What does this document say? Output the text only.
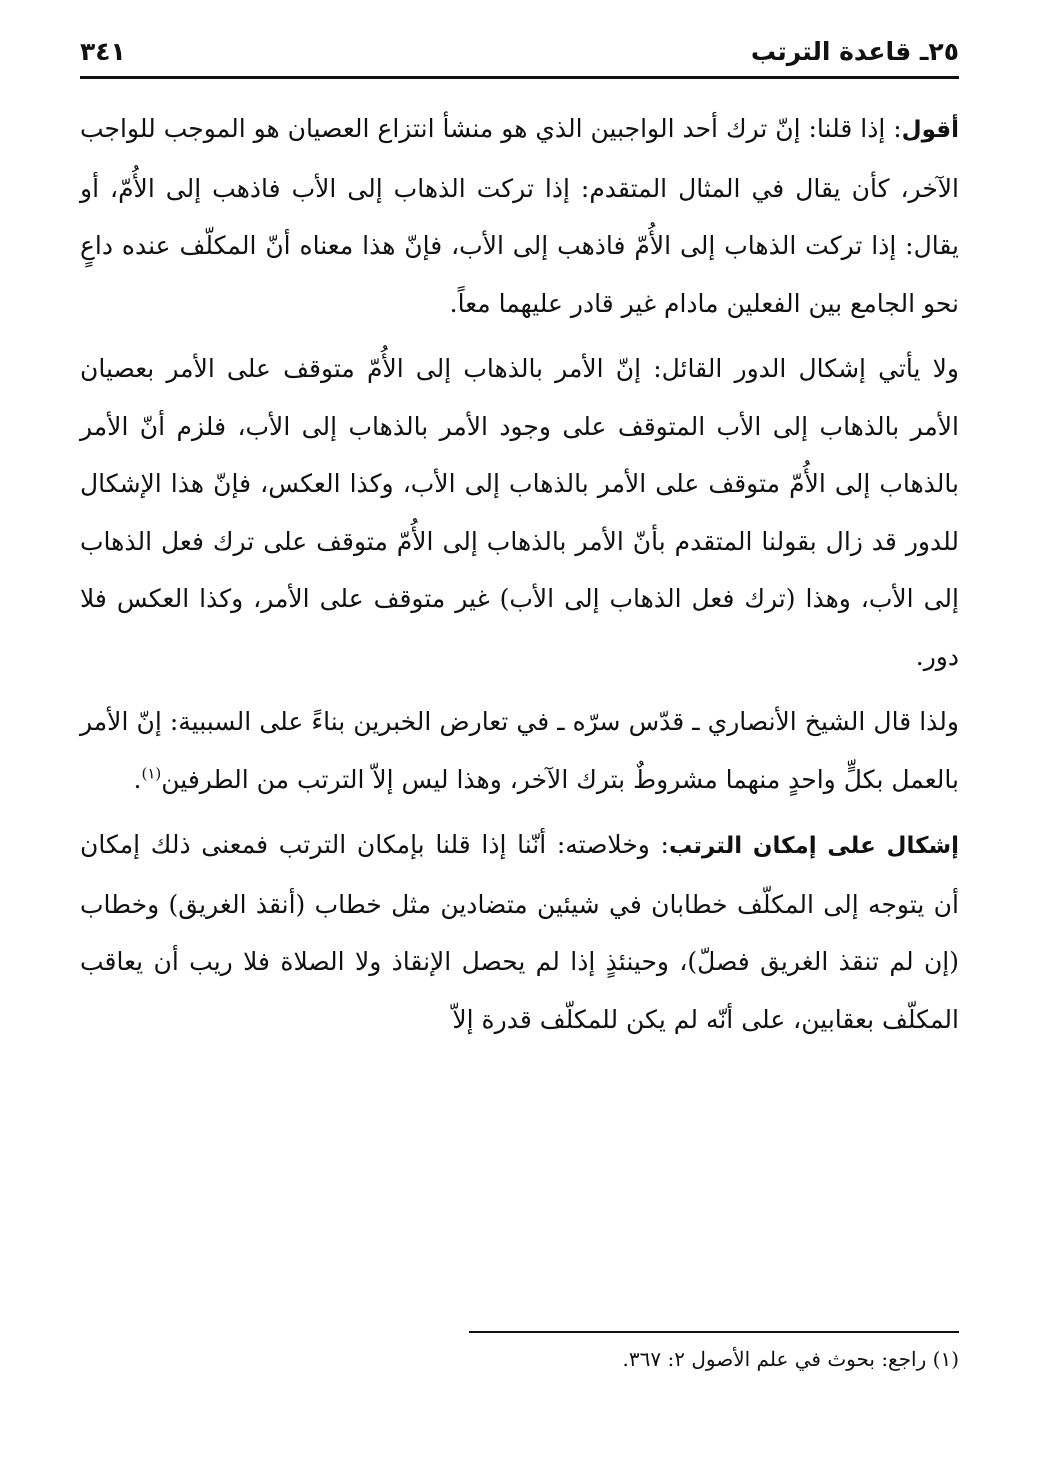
٢٥ـ قاعدة الترتب
٣٤١

أقول: إذا قلنا: إنّ ترك أحد الواجبين الذي هو منشأ انتزاع العصيان هو الموجب للواجب الآخر، كأن يقال في المثال المتقدم: إذا تركت الذهاب إلى الأب فاذهب إلى الأُمّ، أو يقال: إذا تركت الذهاب إلى الأُمّ فاذهب إلى الأب، فإنّ هذا معناه أنّ المكلّف عنده داعٍ نحو الجامع بين الفعلين مادام غير قادر عليهما معاً.

ولا يأتي إشكال الدور القائل: إنّ الأمر بالذهاب إلى الأُمّ متوقف على الأمر بعصيان الأمر بالذهاب إلى الأب المتوقف على وجود الأمر بالذهاب إلى الأب، فلزم أنّ الأمر بالذهاب إلى الأُمّ متوقف على الأمر بالذهاب إلى الأب، وكذا العكس، فإنّ هذا الإشكال للدور قد زال بقولنا المتقدم بأنّ الأمر بالذهاب إلى الأُمّ متوقف على ترك فعل الذهاب إلى الأب، وهذا (ترك فعل الذهاب إلى الأب) غير متوقف على الأمر، وكذا العكس فلا دور.

ولذا قال الشيخ الأنصاري ـ قدّس سرّه ـ في تعارض الخبرين بناءً على السببية: إنّ الأمر بالعمل بكلٍّ واحدٍ منهما مشروطٌ بترك الآخر، وهذا ليس إلاّ الترتب من الطرفين$^{(١)}$.

إشكال على إمكان الترتب: وخلاصته: أنّنا إذا قلنا بإمكان الترتب فمعنى ذلك إمكان أن يتوجه إلى المكلّف خطابان في شيئين متضادين مثل خطاب (أنقذ الغريق) وخطاب (إن لم تنقذ الغريق فصلّ)، وحينئذٍ إذا لم يحصل الإنقاذ ولا الصلاة فلا ريب أن يعاقب المكلّف بعقابين، على أنّه لم يكن للمكلّف قدرة إلاّ

(١) راجع: بحوث في علم الأصول ٢: ٣٦٧.
